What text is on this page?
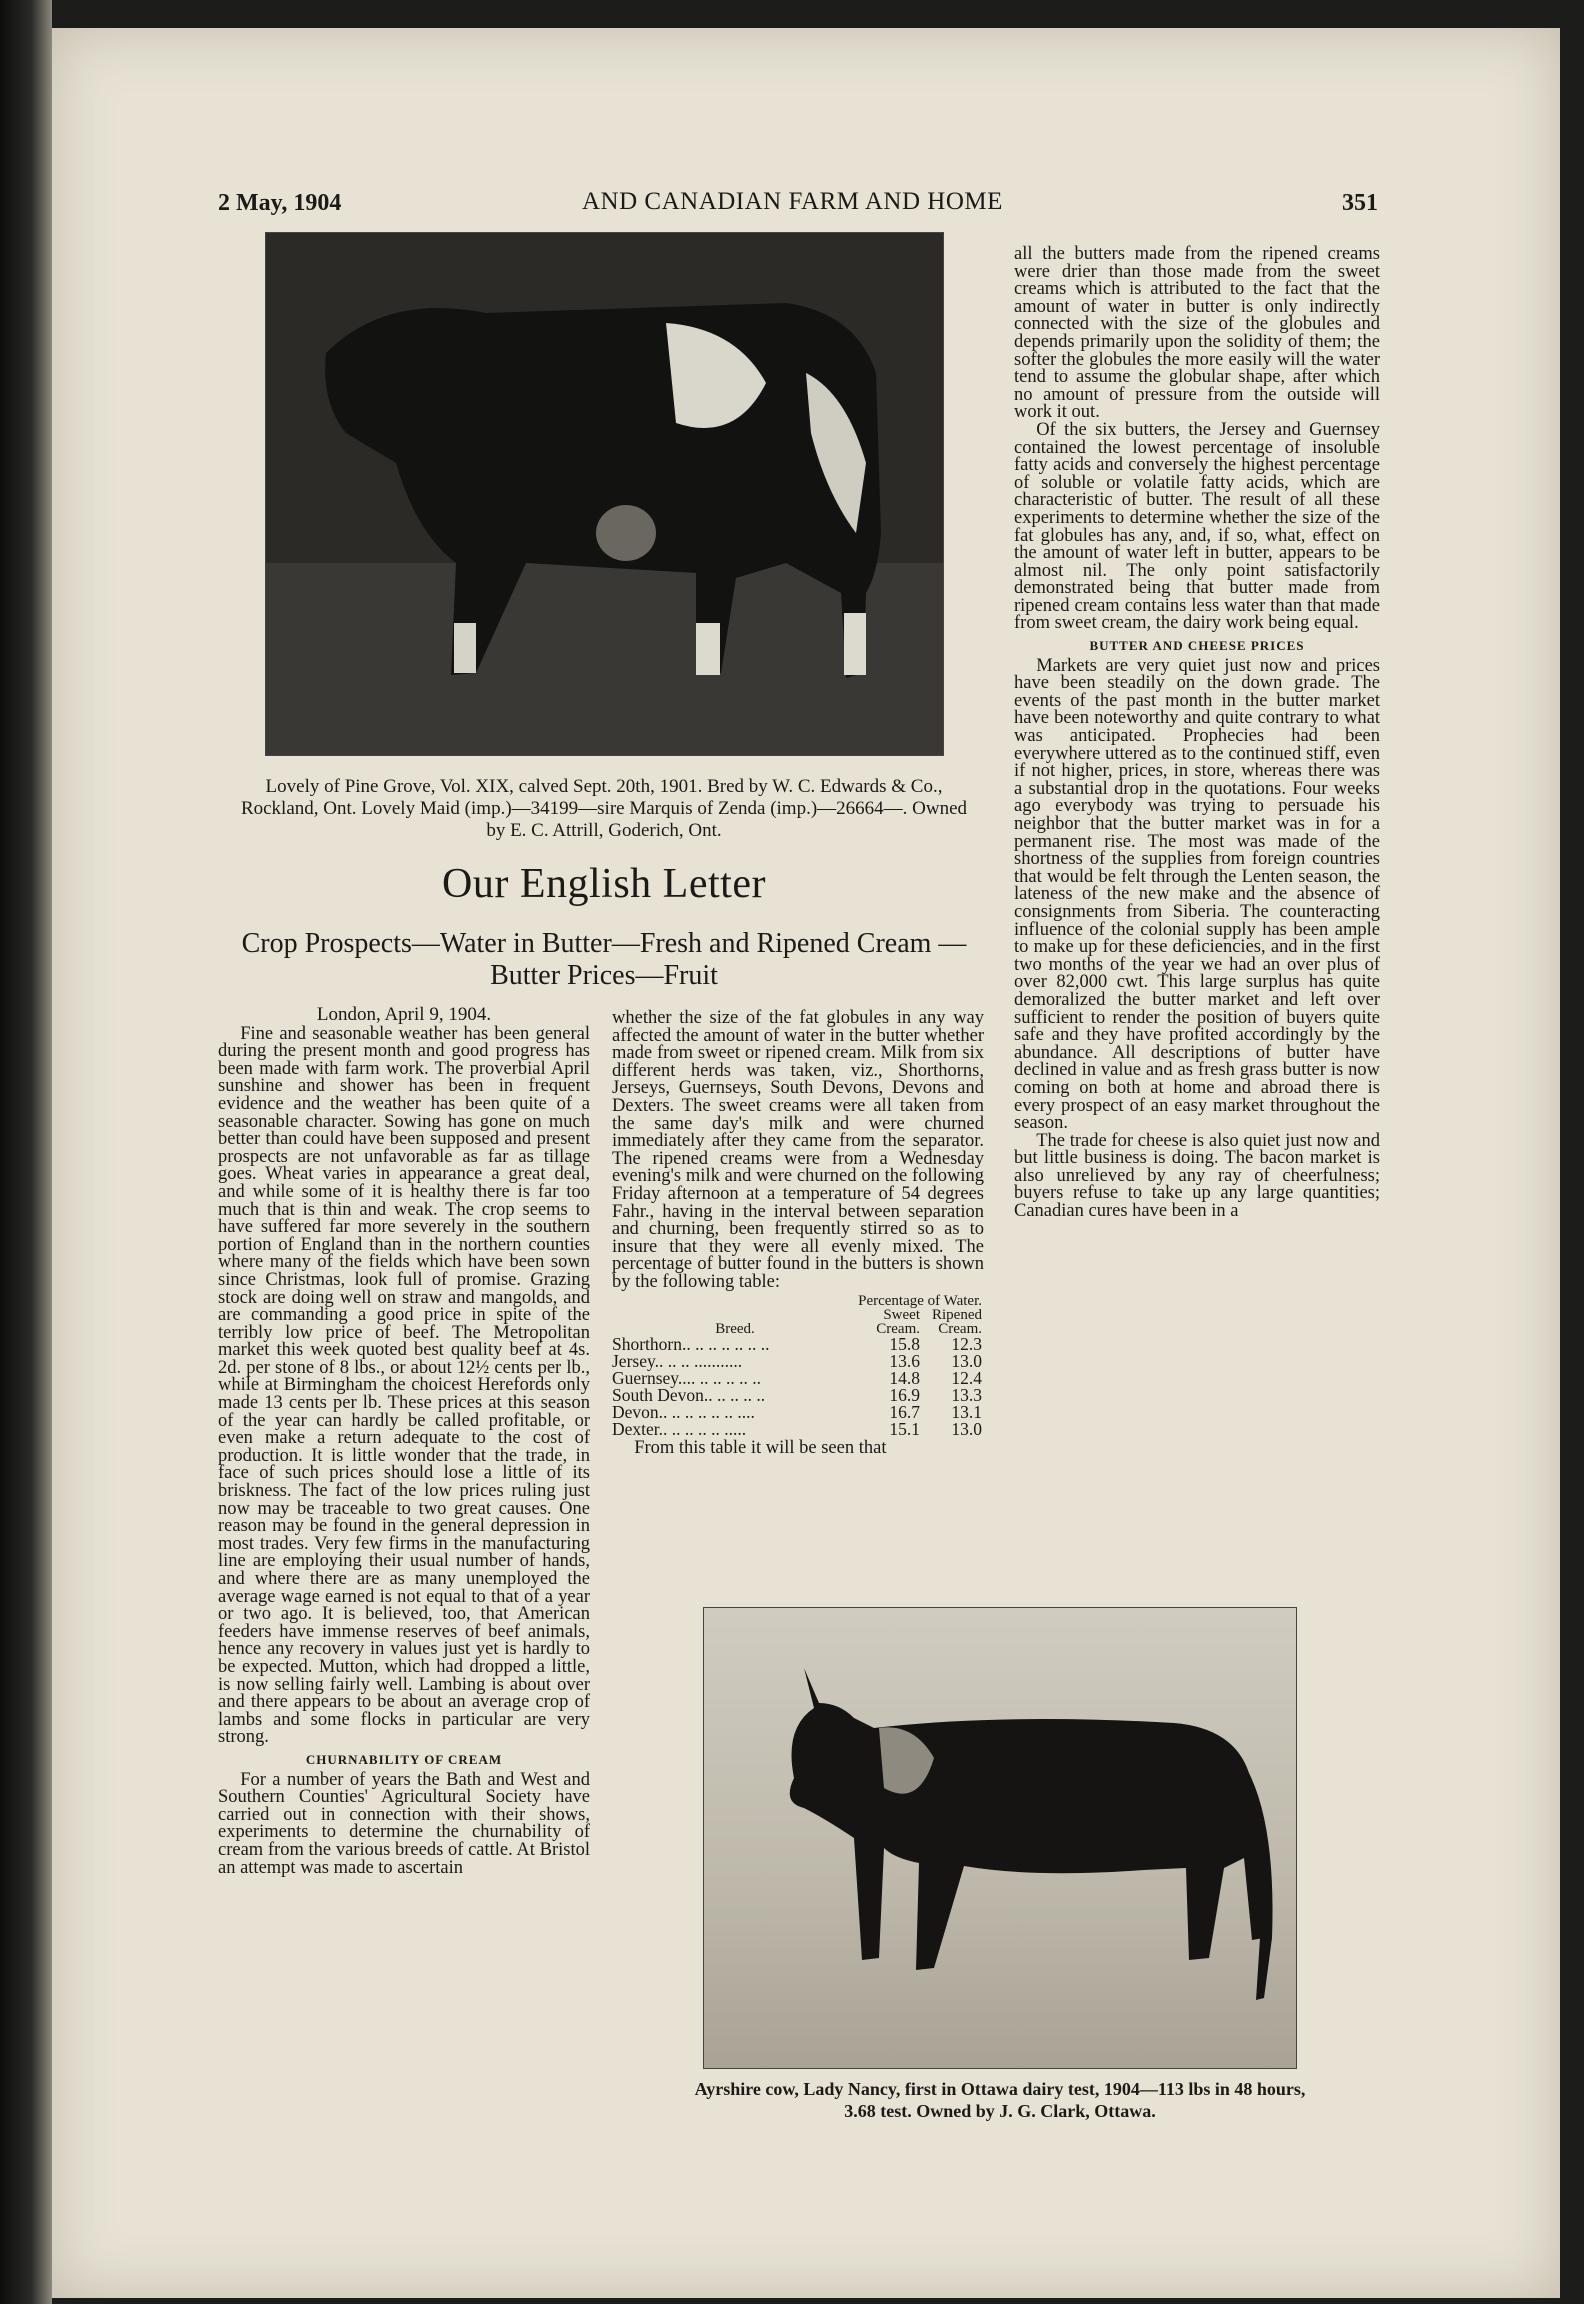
2 May, 1904	AND CANADIAN FARM AND HOME	351
Lovely of Pine Grove, Vol. XIX, calved Sept. 20th, 1901. Bred by W. C. Edwards & Co., Rockland, Ont. Lovely Maid (imp.)—34199—sire Marquis of Zenda (imp.)—26664—. Owned by E. C. Attrill, Goderich, Ont.
Our English Letter
Crop Prospects—Water in Butter—Fresh and Ripened Cream —Butter Prices—Fruit
London, April 9, 1904.

Fine and seasonable weather has been general during the present month and good progress has been made with farm work. The proverbial April sunshine and shower has been in frequent evidence and the weather has been quite of a seasonable character. Sowing has gone on much better than could have been supposed and present prospects are not unfavorable as far as tillage goes. Wheat varies in appearance a great deal, and while some of it is healthy there is far too much that is thin and weak. The crop seems to have suffered far more severely in the southern portion of England than in the northern counties where many of the fields which have been sown since Christmas, look full of promise. Grazing stock are doing well on straw and mangolds, and are commanding a good price in spite of the terribly low price of beef. The Metropolitan market this week quoted best quality beef at 4s. 2d. per stone of 8 lbs., or about 12½ cents per lb., while at Birmingham the choicest Herefords only made 13 cents per lb. These prices at this season of the year can hardly be called profitable, or even make a return adequate to the cost of production. It is little wonder that the trade, in face of such prices should lose a little of its briskness. The fact of the low prices ruling just now may be traceable to two great causes. One reason may be found in the general depression in most trades. Very few firms in the manufacturing line are employing their usual number of hands, and where there are as many unemployed the average wage earned is not equal to that of a year or two ago. It is believed, too, that American feeders have immense reserves of beef animals, hence any recovery in values just yet is hardly to be expected. Mutton, which had dropped a little, is now selling fairly well. Lambing is about over and there appears to be about an average crop of lambs and some flocks in particular are very strong.

CHURNABILITY OF CREAM

For a number of years the Bath and West and Southern Counties' Agricultural Society have carried out in connection with their shows, experiments to determine the churnability of cream from the various breeds of cattle. At Bristol an attempt was made to ascertain

whether the size of the fat globules in any way affected the amount of water in the butter whether made from sweet or ripened cream. Milk from six different herds was taken, viz., Shorthorns, Jerseys, Guernseys, South Devons, Devons and Dexters. The sweet creams were all taken from the same day's milk and were churned immediately after they came from the separator. The ripened creams were from a Wednesday evening's milk and were churned on the following Friday afternoon at a temperature of 54 degrees Fahr., having in the interval between separation and churning, been frequently stirred so as to insure that they were all evenly mixed. The percentage of butter found in the butters is shown by the following table:

Breed.	Percentage of Water.	
	Sweet Cream.	Ripened Cream.
Shorthorn.. .. .. .. .. .. ..	15.8	12.3
Jersey.. .. .. ...........	13.6	13.0
Guernsey.... .. .. .. .. ..	14.8	12.4
South Devon.. .. .. .. ..	16.9	13.3
Devon.. .. .. .. .. .. ....	16.7	13.1
Dexter.. .. .. .. .. .....	15.1	13.0

From this table it will be seen that

all the butters made from the ripened creams were drier than those made from the sweet creams which is attributed to the fact that the amount of water in butter is only indirectly connected with the size of the globules and depends primarily upon the solidity of them; the softer the globules the more easily will the water tend to assume the globular shape, after which no amount of pressure from the outside will work it out.

Of the six butters, the Jersey and Guernsey contained the lowest percentage of insoluble fatty acids and conversely the highest percentage of soluble or volatile fatty acids, which are characteristic of butter. The result of all these experiments to determine whether the size of the fat globules has any, and, if so, what, effect on the amount of water left in butter, appears to be almost nil. The only point satisfactorily demonstrated being that butter made from ripened cream contains less water than that made from sweet cream, the dairy work being equal.

BUTTER AND CHEESE PRICES

Markets are very quiet just now and prices have been steadily on the down grade. The events of the past month in the butter market have been noteworthy and quite contrary to what was anticipated. Prophecies had been everywhere uttered as to the continued stiff, even if not higher, prices, in store, whereas there was a substantial drop in the quotations. Four weeks ago everybody was trying to persuade his neighbor that the butter market was in for a permanent rise. The most was made of the shortness of the supplies from foreign countries that would be felt through the Lenten season, the lateness of the new make and the absence of consignments from Siberia. The counteracting influence of the colonial supply has been ample to make up for these deficiencies, and in the first two months of the year we had an over plus of over 82,000 cwt. This large surplus has quite demoralized the butter market and left over sufficient to render the position of buyers quite safe and they have profited accordingly by the abundance. All descriptions of butter have declined in value and as fresh grass butter is now coming on both at home and abroad there is every prospect of an easy market throughout the season.

The trade for cheese is also quiet just now and but little business is doing. The bacon market is also unrelieved by any ray of cheerfulness; buyers refuse to take up any large quantities; Canadian cures have been in a

Ayrshire cow, Lady Nancy, first in Ottawa dairy test, 1904—113 lbs in 48 hours, 3.68 test. Owned by J. G. Clark, Ottawa.
